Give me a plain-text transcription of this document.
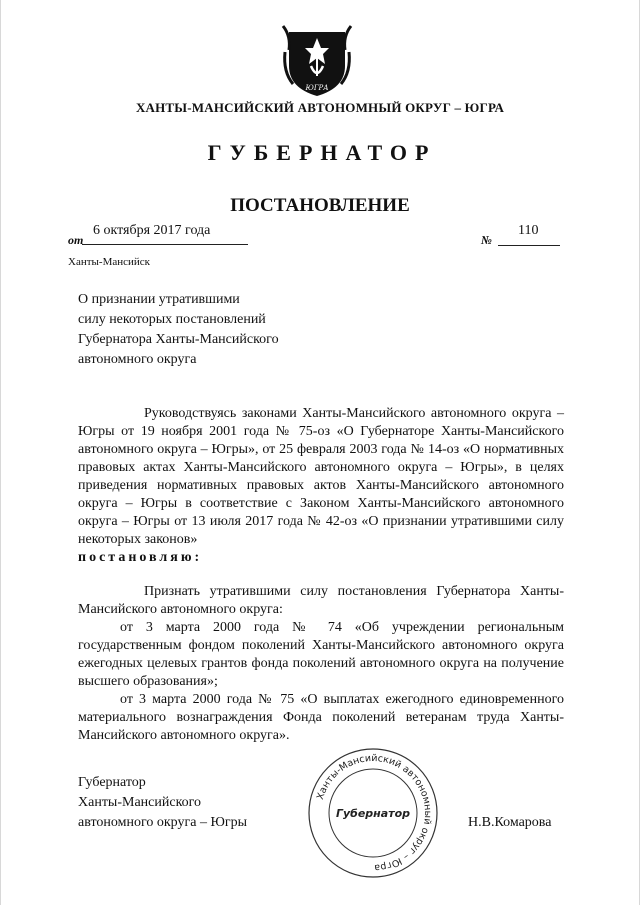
ЮГРА
ХАНТЫ-МАНСИЙСКИЙ АВТОНОМНЫЙ ОКРУГ – ЮГРА
ГУБЕРНАТОР
ПОСТАНОВЛЕНИЕ
от
6 октября 2017 года
№
110
Ханты-Мансийск
О признании утратившими
силу некоторых постановлений
Губернатора Ханты-Мансийского
автономного округа

Руководствуясь законами Ханты-Мансийского автономного округа – Югры от 19 ноября 2001 года № 75-оз «О Губернаторе Ханты-Мансийского автономного округа – Югры», от 25 февраля 2003 года № 14-оз «О нормативных правовых актах Ханты-Мансийского автономного округа – Югры», в целях приведения нормативных правовых актов Ханты-Мансийского автономного округа – Югры в соответствие с Законом Ханты-Мансийского автономного округа – Югры от 13 июля 2017 года № 42-оз «О признании утратившими силу некоторых законов»
постановляю:

Признать утратившими силу постановления Губернатора Ханты-Мансийского автономного округа:

от 3 марта 2000 года № 74 «Об учреждении региональным государственным фондом поколений Ханты-Мансийского автономного округа ежегодных целевых грантов фонда поколений автономного округа на получение высшего образования»;

от 3 марта 2000 года № 75 «О выплатах ежегодного единовременного материального вознаграждения Фонда поколений ветеранам труда Ханты-Мансийского автономного округа».

Ханты-Мансийский автономный округ – Югра
Губернатор
Губернатор
Ханты-Мансийского
автономного округа – Югры	Н.В.Комарова
